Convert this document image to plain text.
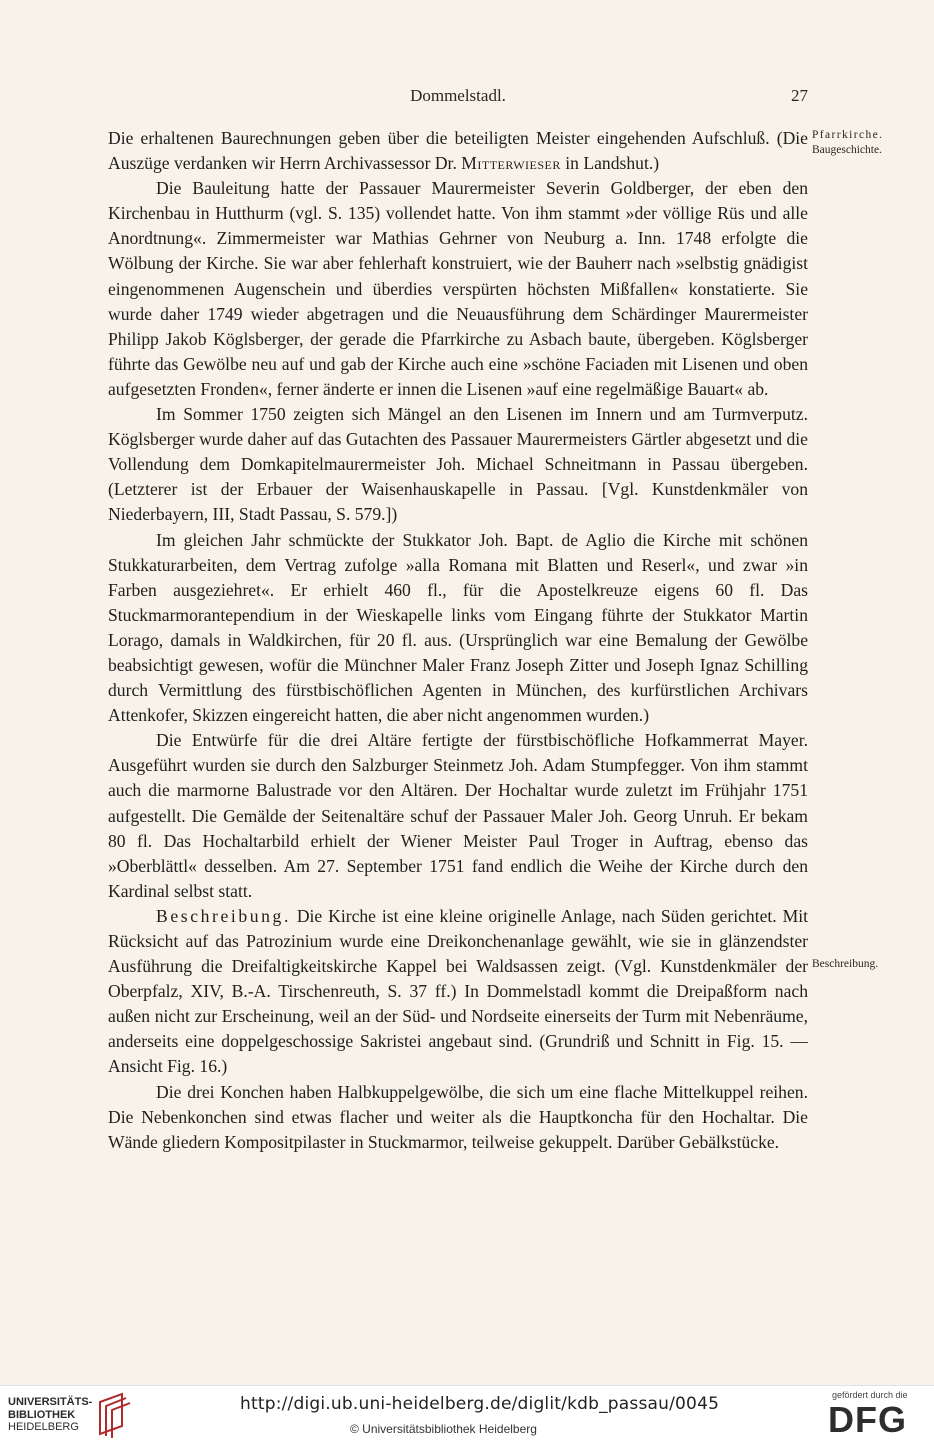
Dommelstadl.	27
Pfarrkirche.
Baugeschichte.
Beschreibung.

Die erhaltenen Baurechnungen geben über die beteiligten Meister eingehenden Aufschluß. (Die Auszüge verdanken wir Herrn Archivassessor Dr. Mitterwieser in Landshut.)

Die Bauleitung hatte der Passauer Maurermeister Severin Goldberger, der eben den Kirchenbau in Hutthurm (vgl. S. 135) vollendet hatte. Von ihm stammt »der völlige Rüs und alle Anordtnung«. Zimmermeister war Mathias Gehrner von Neuburg a. Inn. 1748 erfolgte die Wölbung der Kirche. Sie war aber fehlerhaft konstruiert, wie der Bauherr nach »selbstig gnädigist eingenommenen Augenschein und überdies verspürten höchsten Mißfallen« konstatierte. Sie wurde daher 1749 wieder abgetragen und die Neuausführung dem Schärdinger Maurermeister Philipp Jakob Köglsberger, der gerade die Pfarrkirche zu Asbach baute, übergeben. Köglsberger führte das Gewölbe neu auf und gab der Kirche auch eine »schöne Faciaden mit Lisenen und oben aufgesetzten Fronden«, ferner änderte er innen die Lisenen »auf eine regelmäßige Bauart« ab.

Im Sommer 1750 zeigten sich Mängel an den Lisenen im Innern und am Turmverputz. Köglsberger wurde daher auf das Gutachten des Passauer Maurermeisters Gärtler abgesetzt und die Vollendung dem Domkapitelmaurermeister Joh. Michael Schneitmann in Passau übergeben. (Letzterer ist der Erbauer der Waisenhauskapelle in Passau. [Vgl. Kunstdenkmäler von Niederbayern, III, Stadt Passau, S. 579.])

Im gleichen Jahr schmückte der Stukkator Joh. Bapt. de Aglio die Kirche mit schönen Stukkaturarbeiten, dem Vertrag zufolge »alla Romana mit Blatten und Reserl«, und zwar »in Farben ausgeziehret«. Er erhielt 460 fl., für die Apostelkreuze eigens 60 fl. Das Stuckmarmorantependium in der Wieskapelle links vom Eingang führte der Stukkator Martin Lorago, damals in Waldkirchen, für 20 fl. aus. (Ursprünglich war eine Bemalung der Gewölbe beabsichtigt gewesen, wofür die Münchner Maler Franz Joseph Zitter und Joseph Ignaz Schilling durch Vermittlung des fürstbischöflichen Agenten in München, des kurfürstlichen Archivars Attenkofer, Skizzen eingereicht hatten, die aber nicht angenommen wurden.)

Die Entwürfe für die drei Altäre fertigte der fürstbischöfliche Hofkammerrat Mayer. Ausgeführt wurden sie durch den Salzburger Steinmetz Joh. Adam Stumpfegger. Von ihm stammt auch die marmorne Balustrade vor den Altären. Der Hochaltar wurde zuletzt im Frühjahr 1751 aufgestellt. Die Gemälde der Seitenaltäre schuf der Passauer Maler Joh. Georg Unruh. Er bekam 80 fl. Das Hochaltarbild erhielt der Wiener Meister Paul Troger in Auftrag, ebenso das »Oberblättl« desselben. Am 27. September 1751 fand endlich die Weihe der Kirche durch den Kardinal selbst statt.

Beschreibung. Die Kirche ist eine kleine originelle Anlage, nach Süden gerichtet. Mit Rücksicht auf das Patrozinium wurde eine Dreikonchenanlage gewählt, wie sie in glänzendster Ausführung die Dreifaltigkeitskirche Kappel bei Waldsassen zeigt. (Vgl. Kunstdenkmäler der Oberpfalz, XIV, B.-A. Tirschenreuth, S. 37 ff.) In Dommelstadl kommt die Dreipaßform nach außen nicht zur Erscheinung, weil an der Süd- und Nordseite einerseits der Turm mit Nebenräume, anderseits eine doppelgeschossige Sakristei angebaut sind. (Grundriß und Schnitt in Fig. 15. — Ansicht Fig. 16.)

Die drei Konchen haben Halbkuppelgewölbe, die sich um eine flache Mittelkuppel reihen. Die Nebenkonchen sind etwas flacher und weiter als die Hauptkoncha für den Hochaltar. Die Wände gliedern Kompositpilaster in Stuckmarmor, teilweise gekuppelt. Darüber Gebälkstücke.

UNIVERSITÄTS-
BIBLIOTHEK
HEIDELBERG
http://digi.ub.uni-heidelberg.de/diglit/kdb_passau/0045
© Universitätsbibliothek Heidelberg
gefördert durch die
DFG
